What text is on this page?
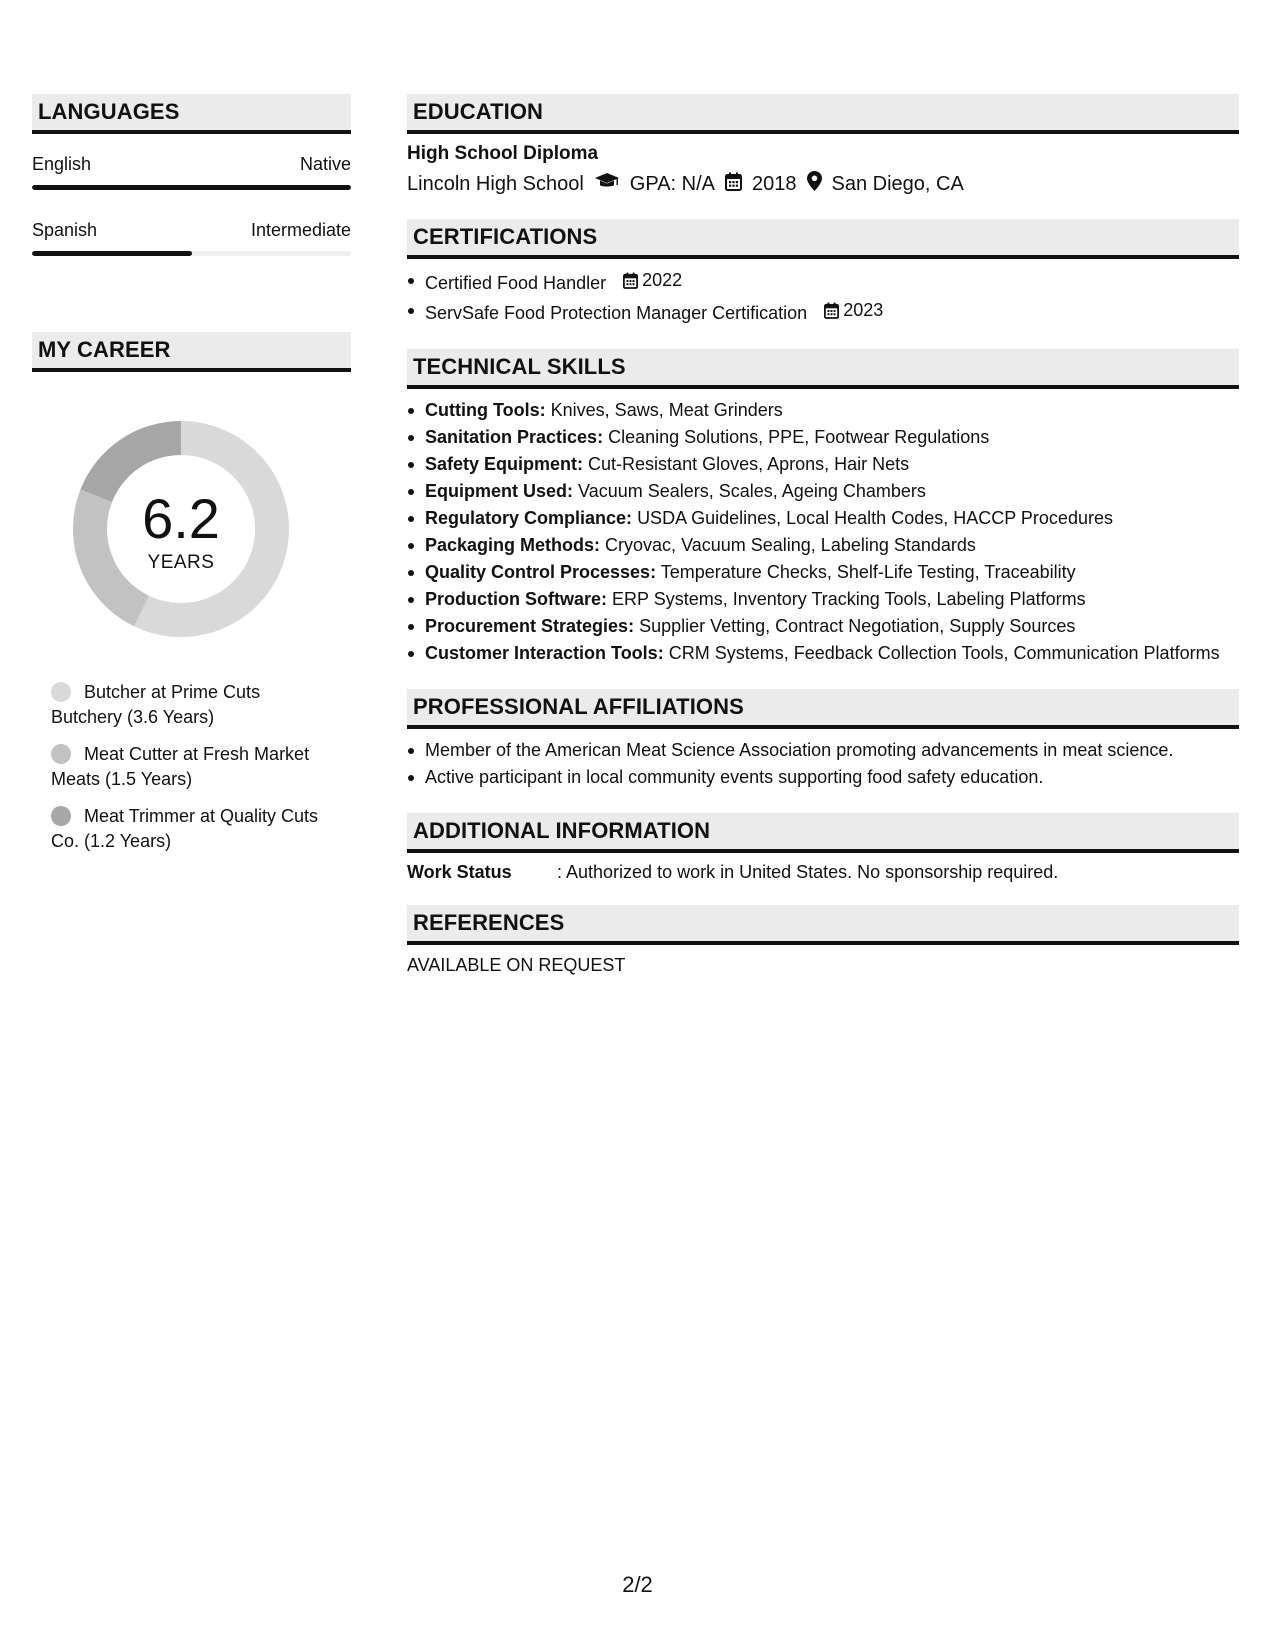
LANGUAGES
English	Native
Spanish	Intermediate
MY CAREER
6.2
YEARS
Butcher at Prime Cuts Butchery (3.6 Years)
Meat Cutter at Fresh Market Meats (1.5 Years)
Meat Trimmer at Quality Cuts Co. (1.2 Years)
EDUCATION
High School Diploma
Lincoln High School GPA: N/A 2018 San Diego, CA
CERTIFICATIONS
Certified Food Handler 2022
ServSafe Food Protection Manager Certification 2023
TECHNICAL SKILLS
Cutting Tools: Knives, Saws, Meat Grinders
Sanitation Practices: Cleaning Solutions, PPE, Footwear Regulations
Safety Equipment: Cut-Resistant Gloves, Aprons, Hair Nets
Equipment Used: Vacuum Sealers, Scales, Ageing Chambers
Regulatory Compliance: USDA Guidelines, Local Health Codes, HACCP Procedures
Packaging Methods: Cryovac, Vacuum Sealing, Labeling Standards
Quality Control Processes: Temperature Checks, Shelf-Life Testing, Traceability
Production Software: ERP Systems, Inventory Tracking Tools, Labeling Platforms
Procurement Strategies: Supplier Vetting, Contract Negotiation, Supply Sources
Customer Interaction Tools: CRM Systems, Feedback Collection Tools, Communication Platforms
PROFESSIONAL AFFILIATIONS
Member of the American Meat Science Association promoting advancements in meat science.
Active participant in local community events supporting food safety education.
ADDITIONAL INFORMATION
Work Status	: Authorized to work in United States. No sponsorship required.
REFERENCES
AVAILABLE ON REQUEST
2/2
